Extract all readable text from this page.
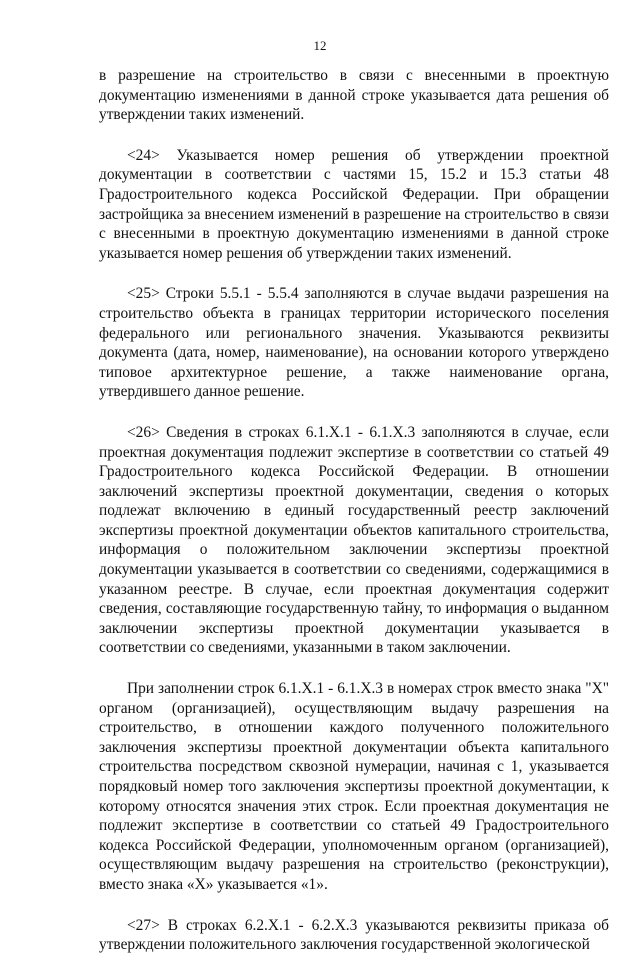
12

в разрешение на строительство в связи с внесенными в проектную документацию изменениями в данной строке указывается дата решения об утверждении таких изменений.

<24> Указывается номер решения об утверждении проектной документации в соответствии с частями 15, 15.2 и 15.3 статьи 48 Градостроительного кодекса Российской Федерации. При обращении застройщика за внесением изменений в разрешение на строительство в связи с внесенными в проектную документацию изменениями в данной строке указывается номер решения об утверждении таких изменений.

<25> Строки 5.5.1 - 5.5.4 заполняются в случае выдачи разрешения на строительство объекта в границах территории исторического поселения федерального или регионального значения. Указываются реквизиты документа (дата, номер, наименование), на основании которого утверждено типовое архитектурное решение, а также наименование органа, утвердившего данное решение.

<26> Сведения в строках 6.1.X.1 - 6.1.X.3 заполняются в случае, если проектная документация подлежит экспертизе в соответствии со статьей 49 Градостроительного кодекса Российской Федерации. В отношении заключений экспертизы проектной документации, сведения о которых подлежат включению в единый государственный реестр заключений экспертизы проектной документации объектов капитального строительства, информация о положительном заключении экспертизы проектной документации указывается в соответствии со сведениями, содержащимися в указанном реестре. В случае, если проектная документация содержит сведения, составляющие государственную тайну, то информация о выданном заключении экспертизы проектной документации указывается в соответствии со сведениями, указанными в таком заключении.

При заполнении строк 6.1.X.1 - 6.1.X.3 в номерах строк вместо знака "X" органом (организацией), осуществляющим выдачу разрешения на строительство, в отношении каждого полученного положительного заключения экспертизы проектной документации объекта капитального строительства посредством сквозной нумерации, начиная с 1, указывается порядковый номер того заключения экспертизы проектной документации, к которому относятся значения этих строк. Если проектная документация не подлежит экспертизе в соответствии со статьей 49 Градостроительного кодекса Российской Федерации, уполномоченным органом (организацией), осуществляющим выдачу разрешения на строительство (реконструкции), вместо знака «X» указывается «1».

<27> В строках 6.2.X.1 - 6.2.X.3 указываются реквизиты приказа об утверждении положительного заключения государственной экологической
